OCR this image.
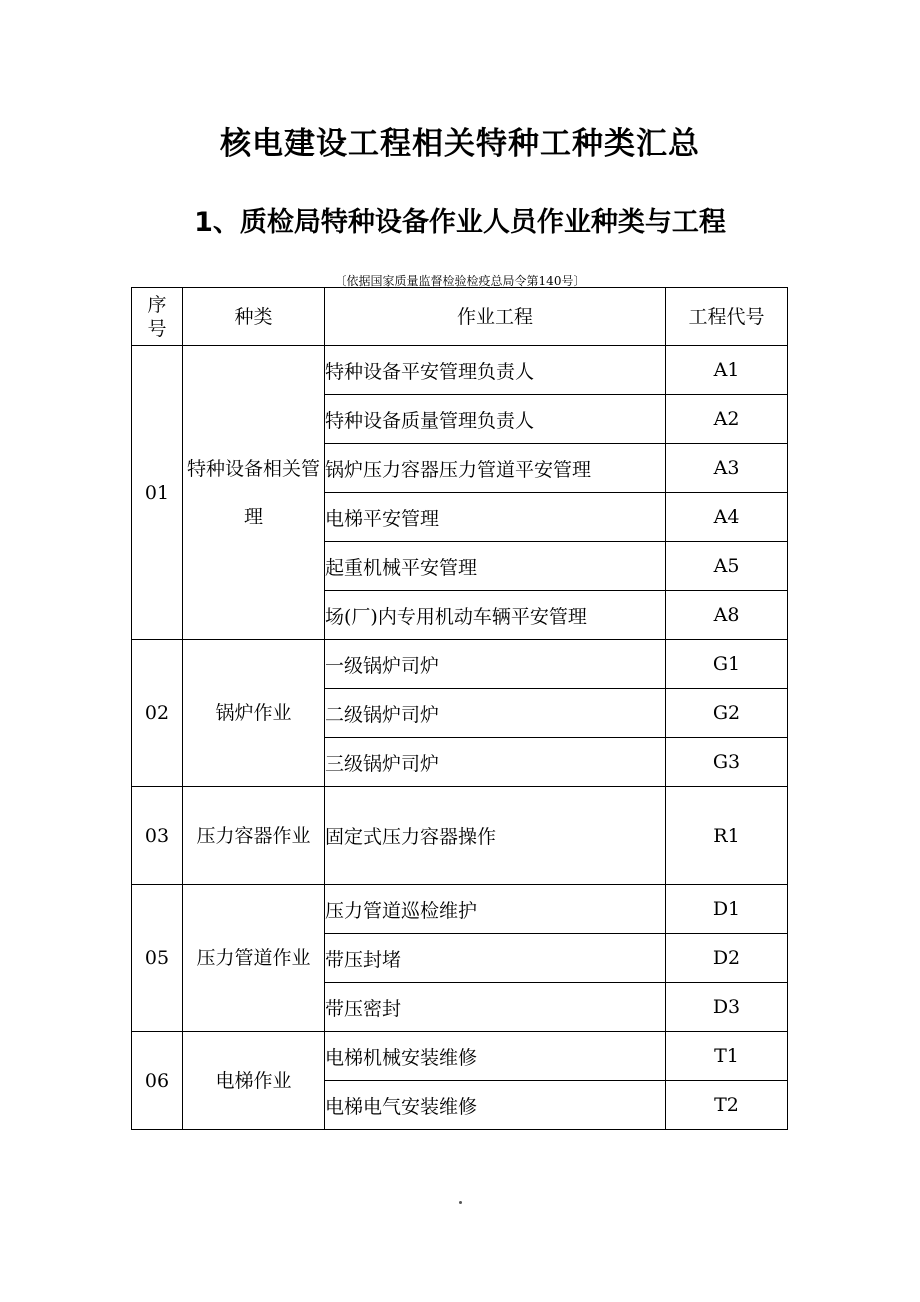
核电建设工程相关特种工种类汇总
1、质检局特种设备作业人员作业种类与工程
〔依据国家质量监督检验检疫总局令第140号〕
序号	种类	作业工程	工程代号
01	特种设备相关管理	特种设备平安管理负责人	A1
		特种设备质量管理负责人	A2
		锅炉压力容器压力管道平安管理	A3
		电梯平安管理	A4
		起重机械平安管理	A5
		场(厂)内专用机动车辆平安管理	A8
02	锅炉作业	一级锅炉司炉	G1
		二级锅炉司炉	G2
		三级锅炉司炉	G3
03	压力容器作业	固定式压力容器操作	R1
05	压力管道作业	压力管道巡检维护	D1
		带压封堵	D2
		带压密封	D3
06	电梯作业	电梯机械安装维修	T1
		电梯电气安装维修	T2
